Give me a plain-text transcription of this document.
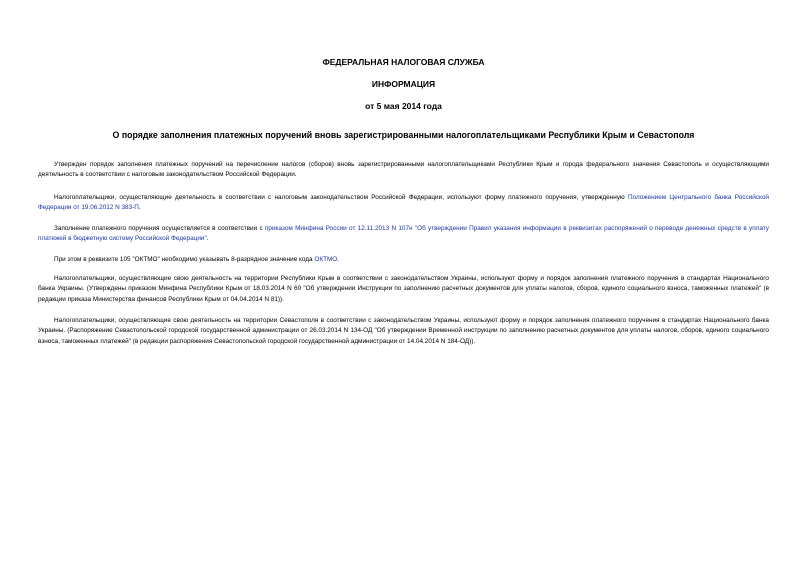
ФЕДЕРАЛЬНАЯ НАЛОГОВАЯ СЛУЖБА
ИНФОРМАЦИЯ
от 5 мая 2014 года
О порядке заполнения платежных поручений вновь зарегистрированными налогоплательщиками Республики Крым и Севастополя

Утвержден порядок заполнения платежных поручений на перечисление налогов (сборов) вновь зарегистрированными налогоплательщиками Республики Крым и города федерального значения Севастополь и осуществляющими деятельность в соответствии с налоговым законодательством Российской Федерации.

Налогоплательщики, осуществляющие деятельность в соответствии с налоговым законодательством Российской Федерации, используют форму платежного поручения, утвержденную Положением Центрального банка Российской Федерации от 19.06.2012 N 383-П.

Заполнение платежного поручения осуществляется в соответствии с приказом Минфина России от 12.11.2013 N 107н "Об утверждении Правил указания информации в реквизитах распоряжений о переводе денежных средств в уплату платежей в бюджетную систему Российской Федерации".

При этом в реквизите 105 "ОКТМО" необходимо указывать 8-разрядное значение кода ОКТМО.

Налогоплательщики, осуществляющие свою деятельность на территории Республики Крым в соответствии с законодательством Украины, используют форму и порядок заполнения платежного поручения в стандартах Национального банка Украины. (Утверждены приказом Минфина Республики Крым от 18.03.2014 N 60 "Об утверждении Инструкции по заполнению расчетных документов для уплаты налогов, сборов, единого социального взноса, таможенных платежей" (в редакции приказа Министерства финансов Республики Крым от 04.04.2014 N 81)).

Налогоплательщики, осуществляющие свою деятельность на территории Севастополя в соответствии с законодательством Украины, используют форму и порядок заполнения платежного поручения в стандартах Национального банка Украины. (Распоряжение Севастопольской городской государственной администрации от 26.03.2014 N 134-ОД "Об утверждении Временной инструкции по заполнению расчетных документов для уплаты налогов, сборов, единого социального взноса, таможенных платежей" (в редакции распоряжения Севастопольской городской государственной администрации от 14.04.2014 N 184-ОД)).
